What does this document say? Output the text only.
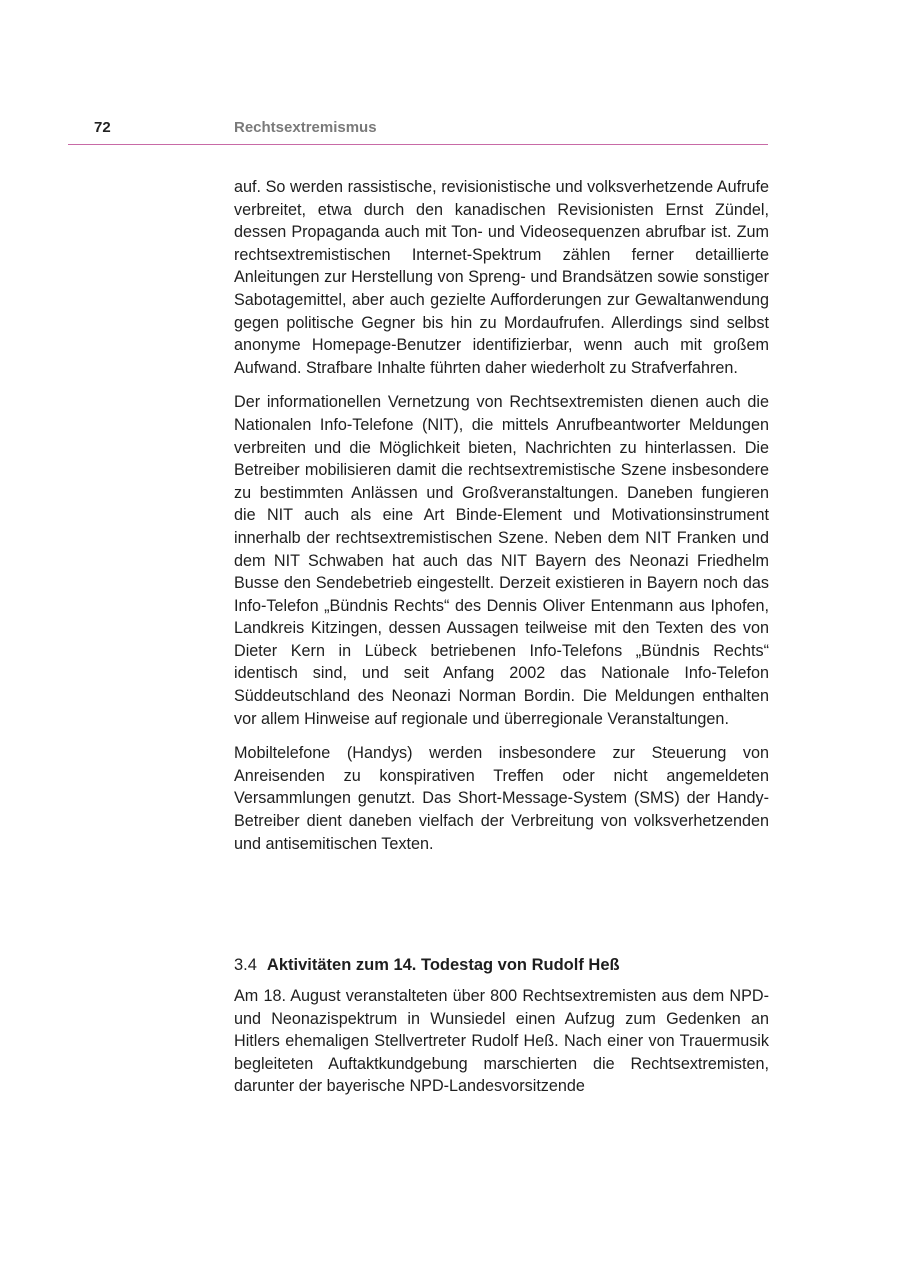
72	Rechtsextremismus

auf. So werden rassistische, revisionistische und volksverhetzende Aufrufe verbreitet, etwa durch den kanadischen Revisionisten Ernst Zündel, dessen Propaganda auch mit Ton- und Videosequenzen abrufbar ist. Zum rechtsextremistischen Internet-Spektrum zählen ferner detaillierte Anleitungen zur Herstellung von Spreng- und Brandsätzen sowie sonstiger Sabotagemittel, aber auch gezielte Aufforderungen zur Gewaltanwendung gegen politische Gegner bis hin zu Mordaufrufen. Allerdings sind selbst anonyme Homepage-Benutzer identifizierbar, wenn auch mit großem Aufwand. Strafbare Inhalte führten daher wiederholt zu Strafverfahren.

Der informationellen Vernetzung von Rechtsextremisten dienen auch die Nationalen Info-Telefone (NIT), die mittels Anrufbeantworter Meldungen verbreiten und die Möglichkeit bieten, Nachrichten zu hinterlassen. Die Betreiber mobilisieren damit die rechtsextremistische Szene insbesondere zu bestimmten Anlässen und Großveranstaltungen. Daneben fungieren die NIT auch als eine Art Binde-Element und Motivationsinstrument innerhalb der rechtsextremistischen Szene. Neben dem NIT Franken und dem NIT Schwaben hat auch das NIT Bayern des Neonazi Friedhelm Busse den Sendebetrieb eingestellt. Derzeit existieren in Bayern noch das Info-Telefon „Bündnis Rechts“ des Dennis Oliver Entenmann aus Iphofen, Landkreis Kitzingen, dessen Aussagen teilweise mit den Texten des von Dieter Kern in Lübeck betriebenen Info-Telefons „Bündnis Rechts“ identisch sind, und seit Anfang 2002 das Nationale Info-Telefon Süddeutschland des Neonazi Norman Bordin. Die Meldungen enthalten vor allem Hinweise auf regionale und überregionale Veranstaltungen.

Mobiltelefone (Handys) werden insbesondere zur Steuerung von Anreisenden zu konspirativen Treffen oder nicht angemeldeten Versammlungen genutzt. Das Short-Message-System (SMS) der Handy-Betreiber dient daneben vielfach der Verbreitung von volksverhetzenden und antisemitischen Texten.

3.4 Aktivitäten zum 14. Todestag von Rudolf Heß

Am 18. August veranstalteten über 800 Rechtsextremisten aus dem NPD- und Neonazispektrum in Wunsiedel einen Aufzug zum Gedenken an Hitlers ehemaligen Stellvertreter Rudolf Heß. Nach einer von Trauermusik begleiteten Auftaktkundgebung marschierten die Rechtsextremisten, darunter der bayerische NPD-Landesvorsitzende
